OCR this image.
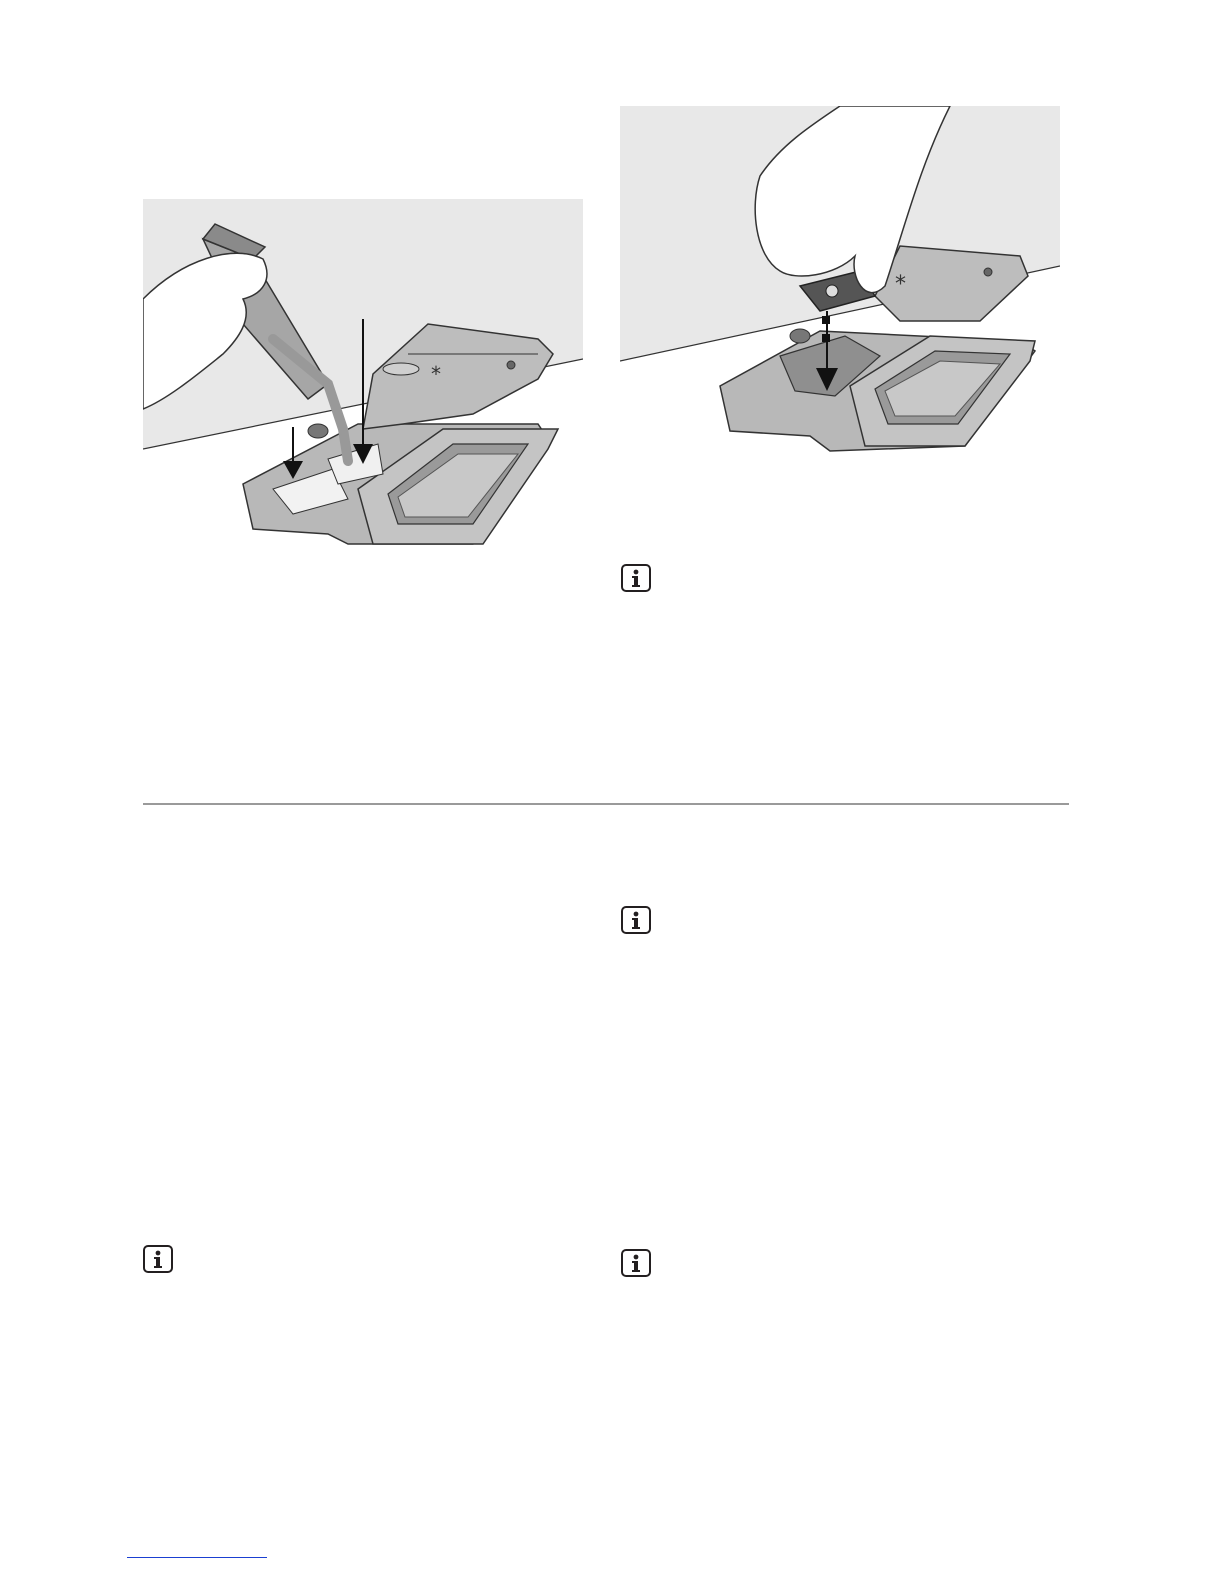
*
*
